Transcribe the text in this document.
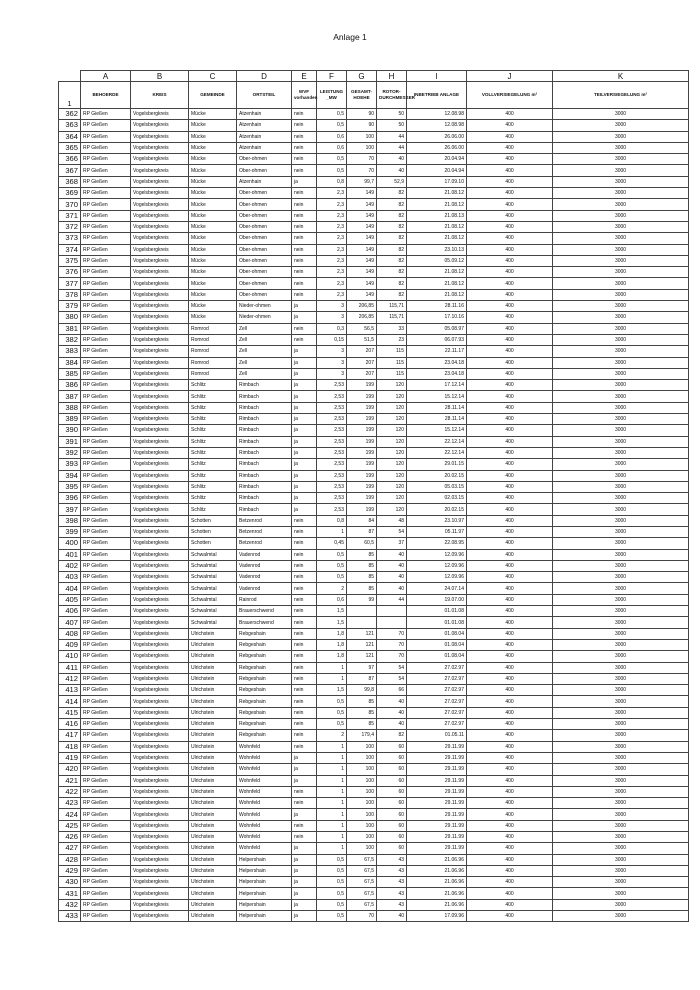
Anlage 1
	A	B	C	D	E	F	G	H	I	J	K
1	BEHOERDE	KREIS	GEMEINDE	ORTSTEIL	WVF vorhanden	LEISTUNG _MW	GESAMT-HOEHE	ROTOR-DURCHMESSER	INBETRIEB ANLAGE	VOLLVERSIEGELUNG m²	TEILVERSIEGELUNG m²
362	RP Gießen	Vogelsbergkreis	Mücke	Atzenhain	nein	0,5	90	50	12.08.98	400	3000
363	RP Gießen	Vogelsbergkreis	Mücke	Atzenhain	nein	0,5	90	50	12.08.98	400	3000
364	RP Gießen	Vogelsbergkreis	Mücke	Atzenhain	nein	0,6	100	44	26.06.00	400	3000
365	RP Gießen	Vogelsbergkreis	Mücke	Atzenhain	nein	0,6	100	44	26.06.00	400	3000
366	RP Gießen	Vogelsbergkreis	Mücke	Ober-ohmen	nein	0,5	70	40	20.04.94	400	3000
367	RP Gießen	Vogelsbergkreis	Mücke	Ober-ohmen	nein	0,5	70	40	20.04.94	400	3000
368	RP Gießen	Vogelsbergkreis	Mücke	Atzenhain	ja	0,8	99,7	52,9	17.09.10	400	3000
369	RP Gießen	Vogelsbergkreis	Mücke	Ober-ohmen	nein	2,3	149	82	21.08.12	400	3000
370	RP Gießen	Vogelsbergkreis	Mücke	Ober-ohmen	nein	2,3	149	82	21.08.12	400	3000
371	RP Gießen	Vogelsbergkreis	Mücke	Ober-ohmen	nein	2,3	149	82	21.08.13	400	3000
372	RP Gießen	Vogelsbergkreis	Mücke	Ober-ohmen	nein	2,3	149	82	21.08.12	400	3000
373	RP Gießen	Vogelsbergkreis	Mücke	Ober-ohmen	nein	2,3	149	82	21.08.12	400	3000
374	RP Gießen	Vogelsbergkreis	Mücke	Ober-ohmen	nein	2,3	149	82	23.10.13	400	3000
375	RP Gießen	Vogelsbergkreis	Mücke	Ober-ohmen	nein	2,3	149	82	05.09.12	400	3000
376	RP Gießen	Vogelsbergkreis	Mücke	Ober-ohmen	nein	2,3	149	82	21.08.12	400	3000
377	RP Gießen	Vogelsbergkreis	Mücke	Ober-ohmen	nein	2,3	149	82	21.08.12	400	3000
378	RP Gießen	Vogelsbergkreis	Mücke	Ober-ohmen	nein	2,3	149	82	21.08.12	400	3000
379	RP Gießen	Vogelsbergkreis	Mücke	Nieder-ohmen	ja	3	206,85	115,71	28.11.16	400	3000
380	RP Gießen	Vogelsbergkreis	Mücke	Nieder-ohmen	ja	3	206,85	115,71	17.10.16	400	3000
381	RP Gießen	Vogelsbergkreis	Romrod	Zell	nein	0,3	56,5	33	05.08.97	400	3000
382	RP Gießen	Vogelsbergkreis	Romrod	Zell	nein	0,15	51,5	23	06.07.93	400	3000
383	RP Gießen	Vogelsbergkreis	Romrod	Zell	ja	3	207	115	22.11.17	400	3000
384	RP Gießen	Vogelsbergkreis	Romrod	Zell	ja	3	207	115	23.04.18	400	3000
385	RP Gießen	Vogelsbergkreis	Romrod	Zell	ja	3	207	115	23.04.18	400	3000
386	RP Gießen	Vogelsbergkreis	Schlitz	Rimbach	ja	2,53	199	120	17.12.14	400	3000
387	RP Gießen	Vogelsbergkreis	Schlitz	Rimbach	ja	2,53	199	120	15.12.14	400	3000
388	RP Gießen	Vogelsbergkreis	Schlitz	Rimbach	ja	2,53	199	120	28.11.14	400	3000
389	RP Gießen	Vogelsbergkreis	Schlitz	Rimbach	ja	2,53	199	120	28.11.14	400	3000
390	RP Gießen	Vogelsbergkreis	Schlitz	Rimbach	ja	2,53	199	120	15.12.14	400	3000
391	RP Gießen	Vogelsbergkreis	Schlitz	Rimbach	ja	2,53	199	120	22.12.14	400	3000
392	RP Gießen	Vogelsbergkreis	Schlitz	Rimbach	ja	2,53	199	120	22.12.14	400	3000
393	RP Gießen	Vogelsbergkreis	Schlitz	Rimbach	ja	2,53	199	120	29.01.15	400	3000
394	RP Gießen	Vogelsbergkreis	Schlitz	Rimbach	ja	2,53	199	120	20.02.15	400	3000
395	RP Gießen	Vogelsbergkreis	Schlitz	Rimbach	ja	2,53	199	120	05.03.15	400	3000
396	RP Gießen	Vogelsbergkreis	Schlitz	Rimbach	ja	2,53	199	120	02.03.15	400	3000
397	RP Gießen	Vogelsbergkreis	Schlitz	Rimbach	ja	2,53	199	120	20.02.15	400	3000
398	RP Gießen	Vogelsbergkreis	Schotten	Betzenrod	nein	0,8	84	48	23.10.97	400	3000
399	RP Gießen	Vogelsbergkreis	Schotten	Betzenrod	nein	1	87	54	05.11.97	400	3000
400	RP Gießen	Vogelsbergkreis	Schotten	Betzenrod	nein	0,45	60,5	37	22.08.95	400	3000
401	RP Gießen	Vogelsbergkreis	Schwalmtal	Vadenrod	nein	0,5	85	40	12.09.96	400	3000
402	RP Gießen	Vogelsbergkreis	Schwalmtal	Vadenrod	nein	0,5	85	40	12.09.96	400	3000
403	RP Gießen	Vogelsbergkreis	Schwalmtal	Vadenrod	nein	0,5	85	40	12.09.96	400	3000
404	RP Gießen	Vogelsbergkreis	Schwalmtal	Vadenrod	nein	2	85	40	24.07.14	400	3000
405	RP Gießen	Vogelsbergkreis	Schwalmtal	Rainrod	nein	0,6	99	44	19.07.00	400	3000
406	RP Gießen	Vogelsbergkreis	Schwalmtal	Brauerschwend	nein	1,5			01.01.08	400	3000
407	RP Gießen	Vogelsbergkreis	Schwalmtal	Brauerschwend	nein	1,5			01.01.08	400	3000
408	RP Gießen	Vogelsbergkreis	Ulrichstein	Rebgeshain	nein	1,8	121	70	01.08.04	400	3000
409	RP Gießen	Vogelsbergkreis	Ulrichstein	Rebgeshain	nein	1,8	121	70	01.08.04	400	3000
410	RP Gießen	Vogelsbergkreis	Ulrichstein	Rebgeshain	nein	1,8	121	70	01.08.04	400	3000
411	RP Gießen	Vogelsbergkreis	Ulrichstein	Rebgeshain	nein	1	97	54	27.02.97	400	3000
412	RP Gießen	Vogelsbergkreis	Ulrichstein	Rebgeshain	nein	1	87	54	27.02.97	400	3000
413	RP Gießen	Vogelsbergkreis	Ulrichstein	Rebgeshain	nein	1,5	99,8	66	27.02.97	400	3000
414	RP Gießen	Vogelsbergkreis	Ulrichstein	Rebgeshain	nein	0,5	85	40	27.02.97	400	3000
415	RP Gießen	Vogelsbergkreis	Ulrichstein	Rebgeshain	nein	0,5	85	40	27.02.97	400	3000
416	RP Gießen	Vogelsbergkreis	Ulrichstein	Rebgeshain	nein	0,5	85	40	27.02.97	400	3000
417	RP Gießen	Vogelsbergkreis	Ulrichstein	Rebgeshain	nein	2	179,4	82	01.05.11	400	3000
418	RP Gießen	Vogelsbergkreis	Ulrichstein	Wohnfeld	nein	1	100	60	29.11.99	400	3000
419	RP Gießen	Vogelsbergkreis	Ulrichstein	Wohnfeld	ja	1	100	60	29.11.99	400	3000
420	RP Gießen	Vogelsbergkreis	Ulrichstein	Wohnfeld	ja	1	100	60	29.11.99	400	3000
421	RP Gießen	Vogelsbergkreis	Ulrichstein	Wohnfeld	ja	1	100	60	29.11.99	400	3000
422	RP Gießen	Vogelsbergkreis	Ulrichstein	Wohnfeld	nein	1	100	60	29.11.99	400	3000
423	RP Gießen	Vogelsbergkreis	Ulrichstein	Wohnfeld	nein	1	100	60	29.11.99	400	3000
424	RP Gießen	Vogelsbergkreis	Ulrichstein	Wohnfeld	ja	1	100	60	29.11.99	400	3000
425	RP Gießen	Vogelsbergkreis	Ulrichstein	Wohnfeld	nein	1	100	60	29.11.99	400	3000
426	RP Gießen	Vogelsbergkreis	Ulrichstein	Wohnfeld	nein	1	100	60	29.11.99	400	3000
427	RP Gießen	Vogelsbergkreis	Ulrichstein	Wohnfeld	ja	1	100	60	29.11.99	400	3000
428	RP Gießen	Vogelsbergkreis	Ulrichstein	Helpershain	ja	0,5	67,5	43	21.06.96	400	3000
429	RP Gießen	Vogelsbergkreis	Ulrichstein	Helpershain	ja	0,5	67,5	43	21.06.96	400	3000
430	RP Gießen	Vogelsbergkreis	Ulrichstein	Helpershain	ja	0,5	67,5	43	21.06.96	400	3000
431	RP Gießen	Vogelsbergkreis	Ulrichstein	Helpershain	ja	0,5	67,5	43	21.06.96	400	3000
432	RP Gießen	Vogelsbergkreis	Ulrichstein	Helpershain	ja	0,5	67,5	43	21.06.96	400	3000
433	RP Gießen	Vogelsbergkreis	Ulrichstein	Helpershain	ja	0,5	70	40	17.09.96	400	3000
